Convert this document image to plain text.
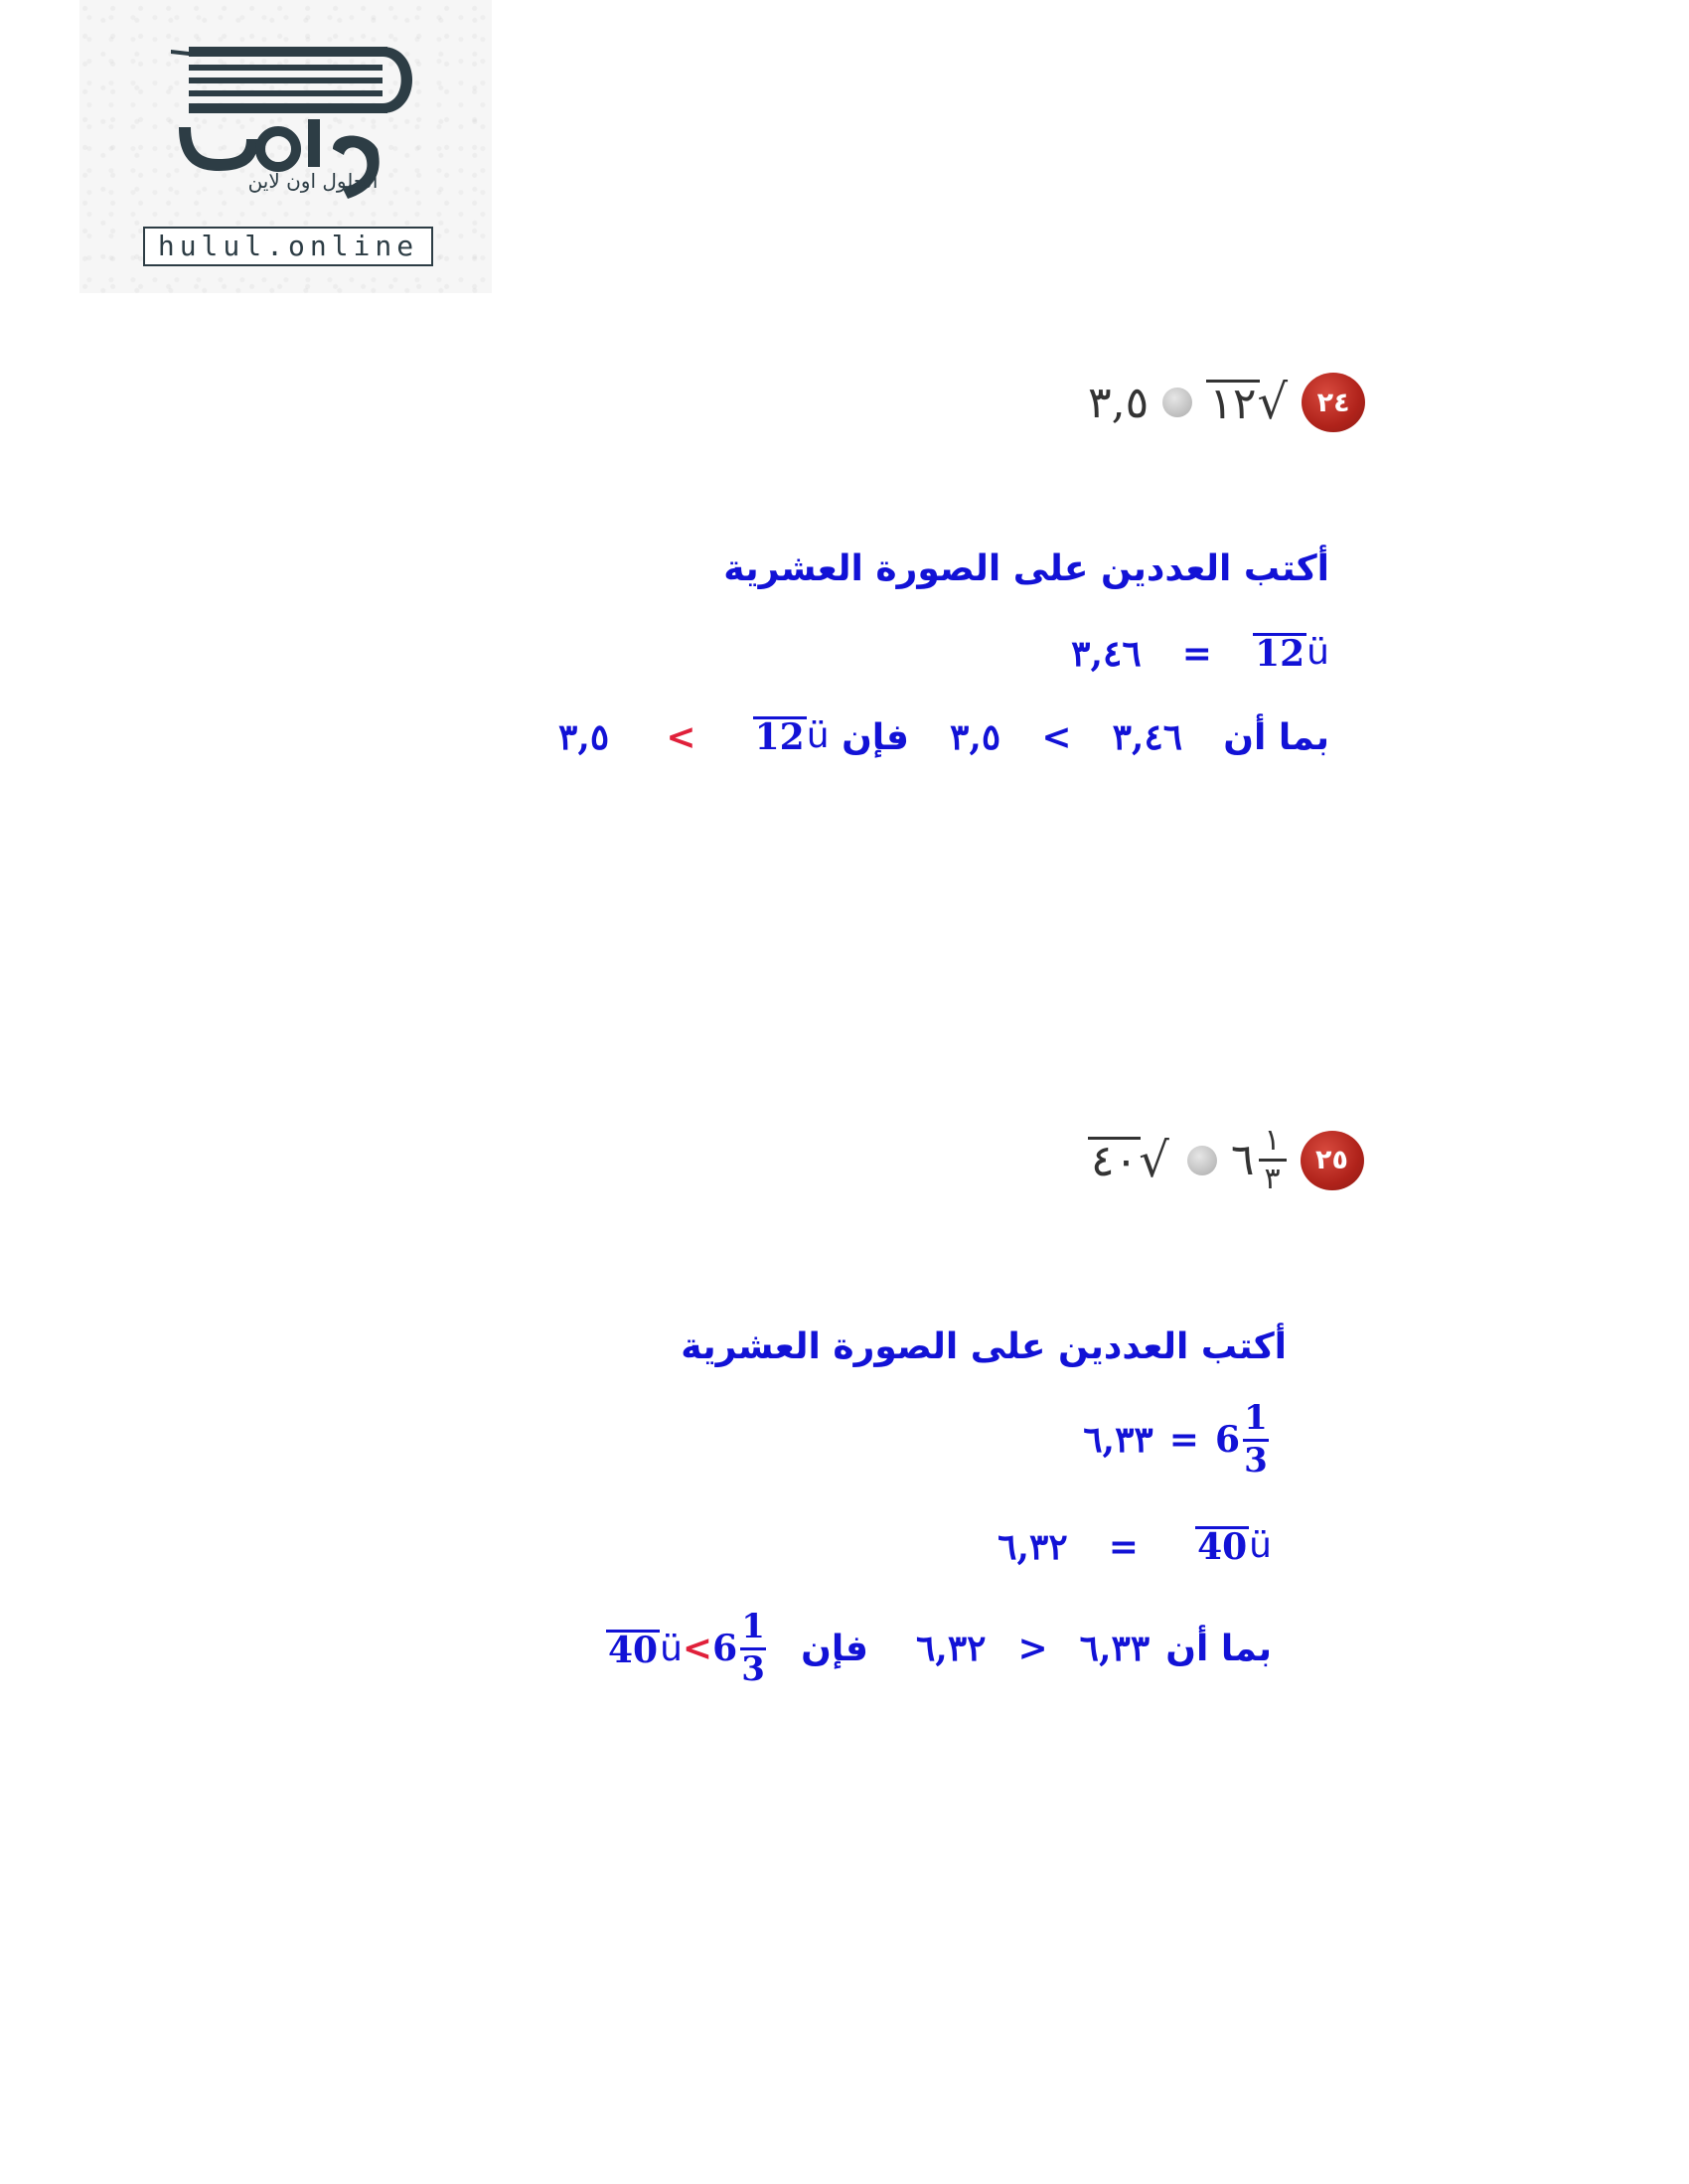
الحلول اون لاين
hulul.online
٣,٥ ١٢ √ ٢٤
أكتب العددين على الصورة العشرية
12 ü
=  ٣,٤٦
بما أن  ٣,٤٦  <  ٣,٥  فإن
12 ü
<  ٣,٥
٤٠ √ ٦ $\frac{١}{٣}$	٢٥
أكتب العددين على الصورة العشرية
$6 \frac{1}{3}$
=
٦,٣٣
40 ü
=  ٦,٣٢
بما أن
٦,٣٣
>
٦,٣٢
فإن
$6 \frac{1}{3}$
<
40 ü
